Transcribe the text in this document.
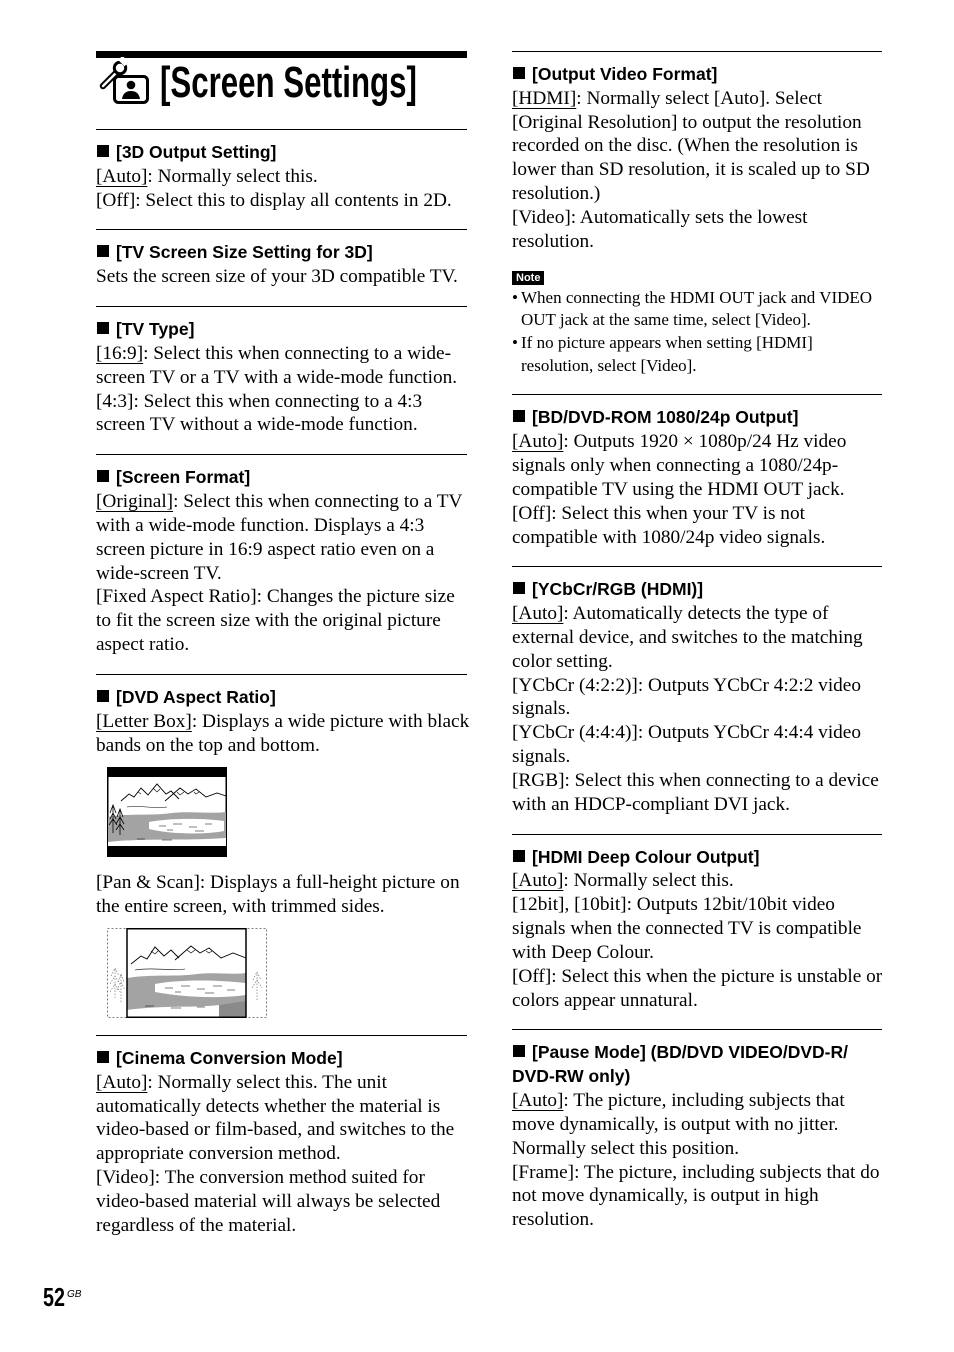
[Screen Settings]
[3D Output Setting]
[Auto]: Normally select this.
[Off]: Select this to display all contents in 2D.
[TV Screen Size Setting for 3D]
Sets the screen size of your 3D compatible TV.
[TV Type]
[16:9]: Select this when connecting to a wide-
screen TV or a TV with a wide-mode function.
[4:3]: Select this when connecting to a 4:3
screen TV without a wide-mode function.
[Screen Format]
[Original]: Select this when connecting to a TV
with a wide-mode function. Displays a 4:3
screen picture in 16:9 aspect ratio even on a
wide-screen TV.
[Fixed Aspect Ratio]: Changes the picture size
to fit the screen size with the original picture
aspect ratio.
[DVD Aspect Ratio]
[Letter Box]: Displays a wide picture with black
bands on the top and bottom.
[Pan & Scan]: Displays a full-height picture on
the entire screen, with trimmed sides.
[Cinema Conversion Mode]
[Auto]: Normally select this. The unit
automatically detects whether the material is
video-based or film-based, and switches to the
appropriate conversion method.
[Video]: The conversion method suited for
video-based material will always be selected
regardless of the material.
[Output Video Format]
[HDMI]: Normally select [Auto]. Select
[Original Resolution] to output the resolution
recorded on the disc. (When the resolution is
lower than SD resolution, it is scaled up to SD
resolution.)
[Video]: Automatically sets the lowest
resolution.
Note
• When connecting the HDMI OUT jack and VIDEO
OUT jack at the same time, select [Video].
• If no picture appears when setting [HDMI]
resolution, select [Video].
[BD/DVD-ROM 1080/24p Output]
[Auto]: Outputs 1920 × 1080p/24 Hz video
signals only when connecting a 1080/24p-
compatible TV using the HDMI OUT jack.
[Off]: Select this when your TV is not
compatible with 1080/24p video signals.
[YCbCr/RGB (HDMI)]
[Auto]: Automatically detects the type of
external device, and switches to the matching
color setting.
[YCbCr (4:2:2)]: Outputs YCbCr 4:2:2 video
signals.
[YCbCr (4:4:4)]: Outputs YCbCr 4:4:4 video
signals.
[RGB]: Select this when connecting to a device
with an HDCP-compliant DVI jack.
[HDMI Deep Colour Output]
[Auto]: Normally select this.
[12bit], [10bit]: Outputs 12bit/10bit video
signals when the connected TV is compatible
with Deep Colour.
[Off]: Select this when the picture is unstable or
colors appear unnatural.
[Pause Mode] (BD/DVD VIDEO/DVD-R/
DVD-RW only)
[Auto]: The picture, including subjects that
move dynamically, is output with no jitter.
Normally select this position.
[Frame]: The picture, including subjects that do
not move dynamically, is output in high
resolution.
52 GB
